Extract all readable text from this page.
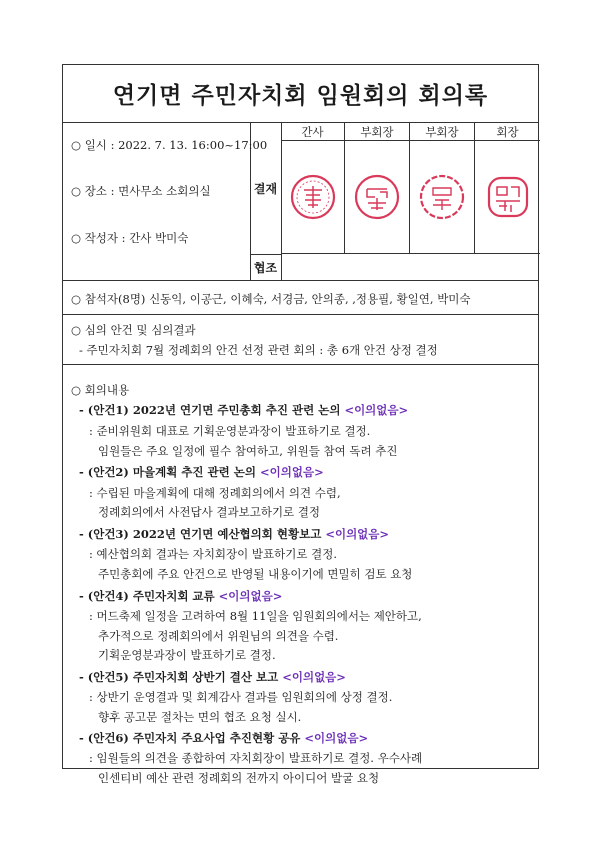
연기면 주민자치회 임원회의 회의록
○ 일시 : 2022. 7. 13. 16:00~17:00
○ 장소 : 면사무소 소회의실
○ 작성자 : 간사 박미숙
결재
협조
간사	부회장	부회장	회장
○ 참석자(8명) 신동익, 이공근, 이혜숙, 서경금, 안의종, ,정용필, 황일연, 박미숙
○ 심의 안건 및 심의결과
- 주민자치회 7월 정례회의 안건 선정 관련 회의 : 총 6개 안건 상정 결정
○ 회의내용
- (안건1) 2022년 연기면 주민총회 추진 관련 논의 <이의없음>
: 준비위원회 대표로 기획운영분과장이 발표하기로 결정.
임원들은 주요 일정에 필수 참여하고, 위원들 참여 독려 추진
- (안건2) 마을계획 추진 관련 논의 <이의없음>
: 수립된 마을계획에 대해 정례회의에서 의견 수렴,
정례회의에서 사전답사 결과보고하기로 결정
- (안건3) 2022년 연기면 예산협의회 현황보고 <이의없음>
: 예산협의회 결과는 자치회장이 발표하기로 결정.
주민총회에 주요 안건으로 반영될 내용이기에 면밀히 검토 요청
- (안건4) 주민자치회 교류 <이의없음>
: 머드축제 일정을 고려하여 8월 11일을 임원회의에서는 제안하고,
추가적으로 정례회의에서 위원님의 의견을 수렴.
기획운영분과장이 발표하기로 결정.
- (안건5) 주민자치회 상반기 결산 보고 <이의없음>
: 상반기 운영결과 및 회계감사 결과를 임원회의에 상정 결정.
향후 공고문 절차는 면의 협조 요청 실시.
- (안건6) 주민자치 주요사업 추진현황 공유 <이의없음>
: 임원들의 의견을 종합하여 자치회장이 발표하기로 결정. 우수사례
인센티비 예산 관련 정례회의 전까지 아이디어 발굴 요청
